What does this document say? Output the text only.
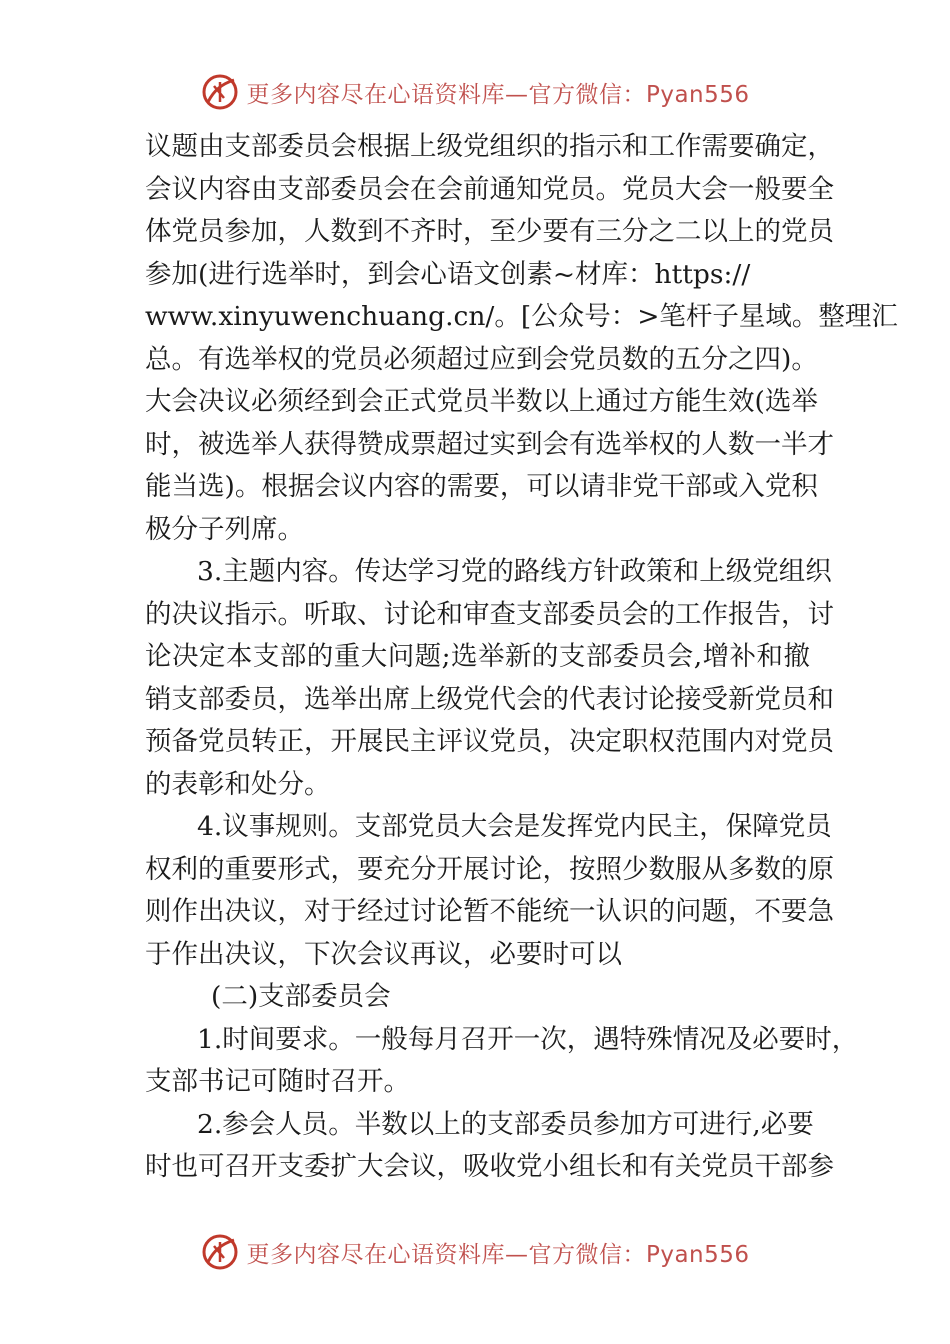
更多内容尽在心语资料库—官方微信：Pyan556
议题由支部委员会根据上级党组织的指示和工作需要确定，
会议内容由支部委员会在会前通知党员。党员大会一般要全
体党员参加，人数到不齐时，至少要有三分之二以上的党员
参加(进行选举时，到会心语文创素~材库：https://
www.xinyuwenchuang.cn/。[公众号：>笔杆子星域。整理汇
总。有选举权的党员必须超过应到会党员数的五分之四)。
大会决议必须经到会正式党员半数以上通过方能生效(选举
时，被选举人获得赞成票超过实到会有选举权的人数一半才
能当选)。根据会议内容的需要，可以请非党干部或入党积
极分子列席。
3.主题内容。传达学习党的路线方针政策和上级党组织
的决议指示。听取、讨论和审查支部委员会的工作报告，讨
论决定本支部的重大问题;选举新的支部委员会,增补和撤
销支部委员，选举出席上级党代会的代表讨论接受新党员和
预备党员转正，开展民主评议党员，决定职权范围内对党员
的表彰和处分。
4.议事规则。支部党员大会是发挥党内民主，保障党员
权利的重要形式，要充分开展讨论，按照少数服从多数的原
则作出决议，对于经过讨论暂不能统一认识的问题，不要急
于作出决议，下次会议再议，必要时可以
(二)支部委员会
1.时间要求。一般每月召开一次，遇特殊情况及必要时，
支部书记可随时召开。
2.参会人员。半数以上的支部委员参加方可进行,必要
时也可召开支委扩大会议，吸收党小组长和有关党员干部参
更多内容尽在心语资料库—官方微信：Pyan556
